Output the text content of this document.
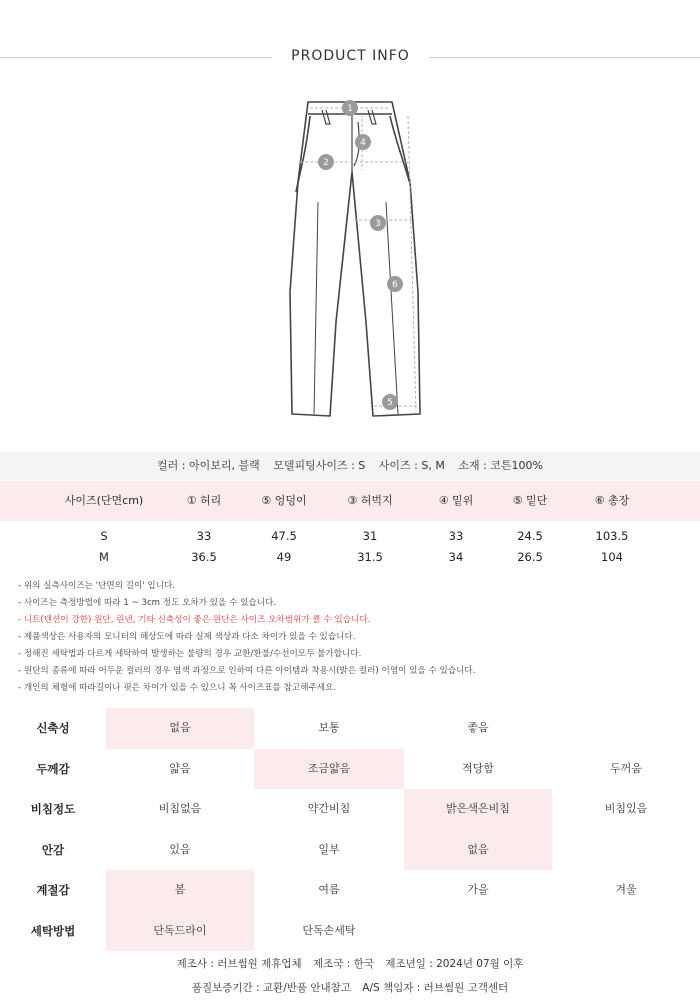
PRODUCT INFO
1
2
3
4
5
6
컬러 : 아이보리, 블랙 모델피팅사이즈 : S 사이즈 : S, M 소재 : 코튼100%
사이즈(단면cm)	① 허리	⑤ 엉덩이	③ 허벅지	④ 밑위	⑤ 밑단	⑥ 총장
S	33	47.5	31	33	24.5	103.5
M	36.5	49	31.5	34	26.5	104
- 위의 실측사이즈는 '단면의 길이' 입니다.
- 사이즈는 측정방법에 따라 1 ~ 3cm 정도 오차가 있을 수 있습니다.
- 니트(텐션이 강한) 원단, 린넨, 기타 신축성이 좋은 원단은 사이즈 오차범위가 클 수 있습니다.
- 제품색상은 사용자의 모니터의 해상도에 따라 실제 색상과 다소 차이가 있을 수 있습니다.
- 정해진 세탁법과 다르게 세탁하여 발생하는 불량의 경우 교환/환불/수선이모두 불가합니다.
- 원단의 종류에 따라 어두운 컬러의 경우 염색 과정으로 인하여 다른 아이템과 착용시(밝은 컬러) 이염이 있을 수 있습니다.
- 개인의 체형에 따라길이나 핏은 차이가 있을 수 있으니 꼭 사이즈표를 참고해주세요.
신축성	없음	보통	좋음
두께감	얇음	조금얇음	적당함	두꺼움
비침정도	비침없음	약간비침	밝은색은비침	비침있음
안감	있음	일부	없음
계절감	봄	여름	가을	겨울
세탁방법	단독드라이	단독손세탁
제조사 : 러브썸원 제휴업체 제조국 : 한국 제조년일 : 2024년 07월 이후
품질보증기간 : 교환/반품 안내참고 A/S 책임자 : 러브썸원 고객센터
